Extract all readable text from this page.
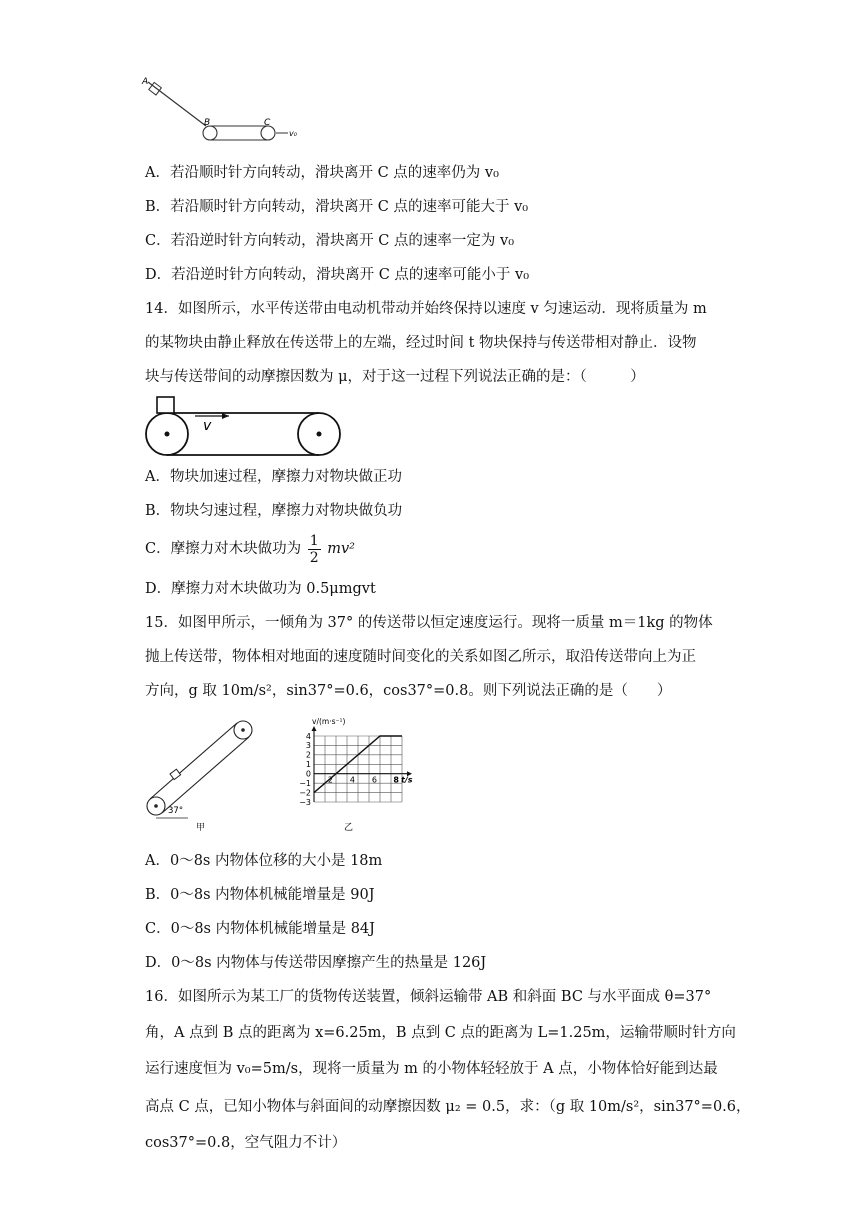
A
B	C
v₀
A．若沿顺时针方向转动，滑块离开 C 点的速率仍为 v₀
B．若沿顺时针方向转动，滑块离开 C 点的速率可能大于 v₀
C．若沿逆时针方向转动，滑块离开 C 点的速率一定为 v₀
D．若沿逆时针方向转动，滑块离开 C 点的速率可能小于 v₀
14．如图所示，水平传送带由电动机带动并始终保持以速度 v 匀速运动．现将质量为 m
的某物块由静止释放在传送带上的左端，经过时间 t 物块保持与传送带相对静止．设物
块与传送带间的动摩擦因数为 μ，对于这一过程下列说法正确的是：（　　　）
v
A．物块加速过程，摩擦力对物块做正功
B．物块匀速过程，摩擦力对物块做负功
C．摩擦力对木块做功为 $\frac{1}{2} mv^2$
D．摩擦力对木块做功为 0.5μmgvt
15．如图甲所示，一倾角为 37° 的传送带以恒定速度运行。现将一质量 m＝1kg 的物体
抛上传送带，物体相对地面的速度随时间变化的关系如图乙所示，取沿传送带向上为正
方向，g 取 10m/s²，sin37°=0.6，cos37°=0.8。则下列说法正确的是（　　）
37°
甲
4
3
2
1
0
−1
−2
−3
2 4 6 8
v/(m·s⁻¹)
t/s
乙
A．0～8s 内物体位移的大小是 18m
B．0～8s 内物体机械能增量是 90J
C．0～8s 内物体机械能增量是 84J
D．0～8s 内物体与传送带因摩擦产生的热量是 126J
16．如图所示为某工厂的货物传送装置，倾斜运输带 AB 和斜面 BC 与水平面成 θ=37°
角，A 点到 B 点的距离为 x=6.25m，B 点到 C 点的距离为 L=1.25m，运输带顺时针方向
运行速度恒为 v₀=5m/s，现将一质量为 m 的小物体轻轻放于 A 点，小物体恰好能到达最
高点 C 点，已知小物体与斜面间的动摩擦因数 μ₂ = 0.5，求：（g 取 10m/s²，sin37°=0.6，
cos37°=0.8，空气阻力不计）
